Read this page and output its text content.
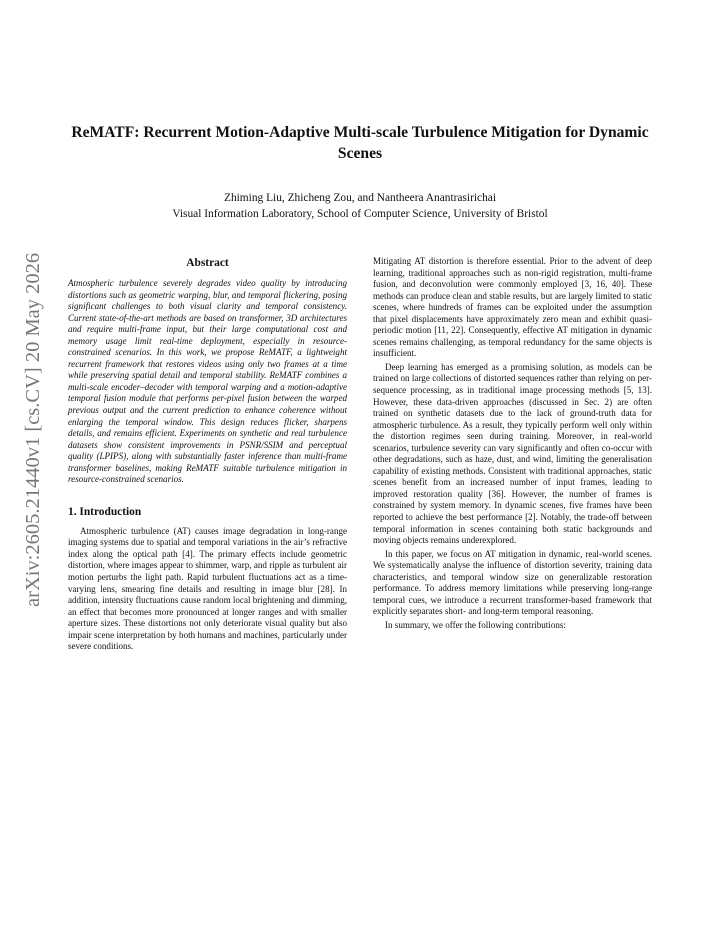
ReMATF: Recurrent Motion-Adaptive Multi-scale Turbulence Mitigation for Dynamic Scenes
Zhiming Liu, Zhicheng Zou, and Nantheera Anantrasirichai
Visual Information Laboratory, School of Computer Science, University of Bristol
arXiv:2605.21440v1 [cs.CV] 20 May 2026	Abstract

Atmospheric turbulence severely degrades video quality by introducing distortions such as geometric warping, blur, and temporal flickering, posing significant challenges to both visual clarity and temporal consistency. Current state-of-the-art methods are based on transformer, 3D architectures and require multi-frame input, but their large computational cost and memory usage limit real-time deployment, especially in resource-constrained scenarios. In this work, we propose ReMATF, a lightweight recurrent framework that restores videos using only two frames at a time while preserving spatial detail and temporal stability. ReMATF combines a multi-scale encoder–decoder with temporal warping and a motion-adaptive temporal fusion module that performs per-pixel fusion between the warped previous output and the current prediction to enhance coherence without enlarging the temporal window. This design reduces flicker, sharpens details, and remains efficient. Experiments on synthetic and real turbulence datasets show consistent improvements in PSNR/SSIM and perceptual quality (LPIPS), along with substantially faster inference than multi-frame transformer baselines, making ReMATF suitable turbulence mitigation in resource-constrained scenarios.

1. Introduction

Atmospheric turbulence (AT) causes image degradation in long-range imaging systems due to spatial and temporal variations in the air’s refractive index along the optical path [4]. The primary effects include geometric distortion, where images appear to shimmer, warp, and ripple as turbulent air motion perturbs the light path. Rapid turbulent fluctuations act as a time-varying lens, smearing fine details and resulting in image blur [28]. In addition, intensity fluctuations cause random local brightening and dimming, an effect that becomes more pronounced at longer ranges and with smaller aperture sizes. These distortions not only deteriorate visual quality but also impair scene interpretation by both humans and machines, particularly under severe conditions.

Mitigating AT distortion is therefore essential. Prior to the advent of deep learning, traditional approaches such as non-rigid registration, multi-frame fusion, and deconvolution were commonly employed [3, 16, 40]. These methods can produce clean and stable results, but are largely limited to static scenes, where hundreds of frames can be exploited under the assumption that pixel displacements have approximately zero mean and exhibit quasi-periodic motion [11, 22]. Consequently, effective AT mitigation in dynamic scenes remains challenging, as temporal redundancy for the same objects is insufficient.

Deep learning has emerged as a promising solution, as models can be trained on large collections of distorted sequences rather than relying on per-sequence processing, as in traditional image processing methods [5, 13]. However, these data-driven approaches (discussed in Sec. 2) are often trained on synthetic datasets due to the lack of ground-truth data for atmospheric turbulence. As a result, they typically perform well only within the distortion regimes seen during training. Moreover, in real-world scenarios, turbulence severity can vary significantly and often co-occur with other degradations, such as haze, dust, and wind, limiting the generalisation capability of existing methods. Consistent with traditional approaches, static scenes benefit from an increased number of input frames, leading to improved restoration quality [36]. However, the number of frames is constrained by system memory. In dynamic scenes, five frames have been reported to achieve the best performance [2]. Notably, the trade-off between temporal information in scenes containing both static backgrounds and moving objects remains underexplored.

In this paper, we focus on AT mitigation in dynamic, real-world scenes. We systematically analyse the influence of distortion severity, training data characteristics, and temporal window size on generalizable restoration performance. To address memory limitations while preserving long-range temporal cues, we introduce a recurrent transformer-based framework that explicitly separates short- and long-term temporal reasoning.

In summary, we offer the following contributions:
